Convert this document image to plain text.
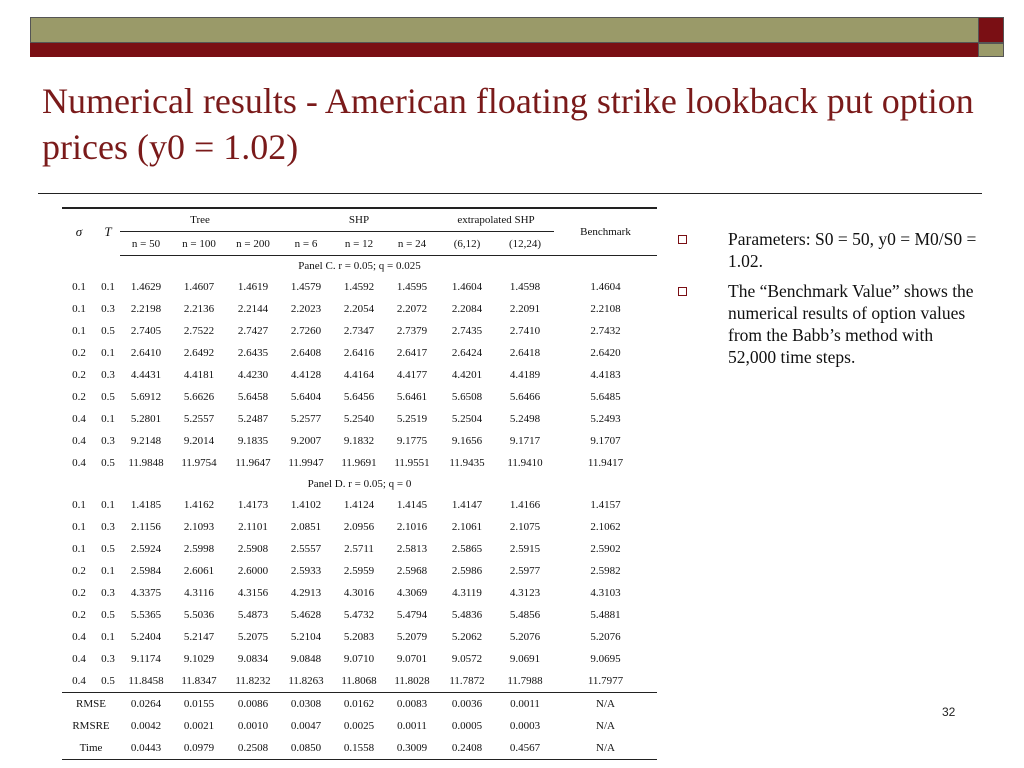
Numerical results - American floating strike lookback put option prices (y0 = 1.02)
σ	T	Tree			SHP			extrapolated SHP		Benchmark
		n = 50	n = 100	n = 200	n = 6	n = 12	n = 24	(6,12)	(12,24)	
Panel C. r = 0.05; q = 0.025										
0.1	0.1	1.4629	1.4607	1.4619	1.4579	1.4592	1.4595	1.4604	1.4598	1.4604
0.1	0.3	2.2198	2.2136	2.2144	2.2023	2.2054	2.2072	2.2084	2.2091	2.2108
0.1	0.5	2.7405	2.7522	2.7427	2.7260	2.7347	2.7379	2.7435	2.7410	2.7432
0.2	0.1	2.6410	2.6492	2.6435	2.6408	2.6416	2.6417	2.6424	2.6418	2.6420
0.2	0.3	4.4431	4.4181	4.4230	4.4128	4.4164	4.4177	4.4201	4.4189	4.4183
0.2	0.5	5.6912	5.6626	5.6458	5.6404	5.6456	5.6461	5.6508	5.6466	5.6485
0.4	0.1	5.2801	5.2557	5.2487	5.2577	5.2540	5.2519	5.2504	5.2498	5.2493
0.4	0.3	9.2148	9.2014	9.1835	9.2007	9.1832	9.1775	9.1656	9.1717	9.1707
0.4	0.5	11.9848	11.9754	11.9647	11.9947	11.9691	11.9551	11.9435	11.9410	11.9417
Panel D. r = 0.05; q = 0										
0.1	0.1	1.4185	1.4162	1.4173	1.4102	1.4124	1.4145	1.4147	1.4166	1.4157
0.1	0.3	2.1156	2.1093	2.1101	2.0851	2.0956	2.1016	2.1061	2.1075	2.1062
0.1	0.5	2.5924	2.5998	2.5908	2.5557	2.5711	2.5813	2.5865	2.5915	2.5902
0.2	0.1	2.5984	2.6061	2.6000	2.5933	2.5959	2.5968	2.5986	2.5977	2.5982
0.2	0.3	4.3375	4.3116	4.3156	4.2913	4.3016	4.3069	4.3119	4.3123	4.3103
0.2	0.5	5.5365	5.5036	5.4873	5.4628	5.4732	5.4794	5.4836	5.4856	5.4881
0.4	0.1	5.2404	5.2147	5.2075	5.2104	5.2083	5.2079	5.2062	5.2076	5.2076
0.4	0.3	9.1174	9.1029	9.0834	9.0848	9.0710	9.0701	9.0572	9.0691	9.0695
0.4	0.5	11.8458	11.8347	11.8232	11.8263	11.8068	11.8028	11.7872	11.7988	11.7977
RMSE		0.0264	0.0155	0.0086	0.0308	0.0162	0.0083	0.0036	0.0011	N/A
RMSRE		0.0042	0.0021	0.0010	0.0047	0.0025	0.0011	0.0005	0.0003	N/A
Time		0.0443	0.0979	0.2508	0.0850	0.1558	0.3009	0.2408	0.4567	N/A
Parameters: S0 = 50, y0 = M0/S0 = 1.02.
The “Benchmark Value” shows the numerical results of option values from the Babb’s method with 52,000 time steps.
32
